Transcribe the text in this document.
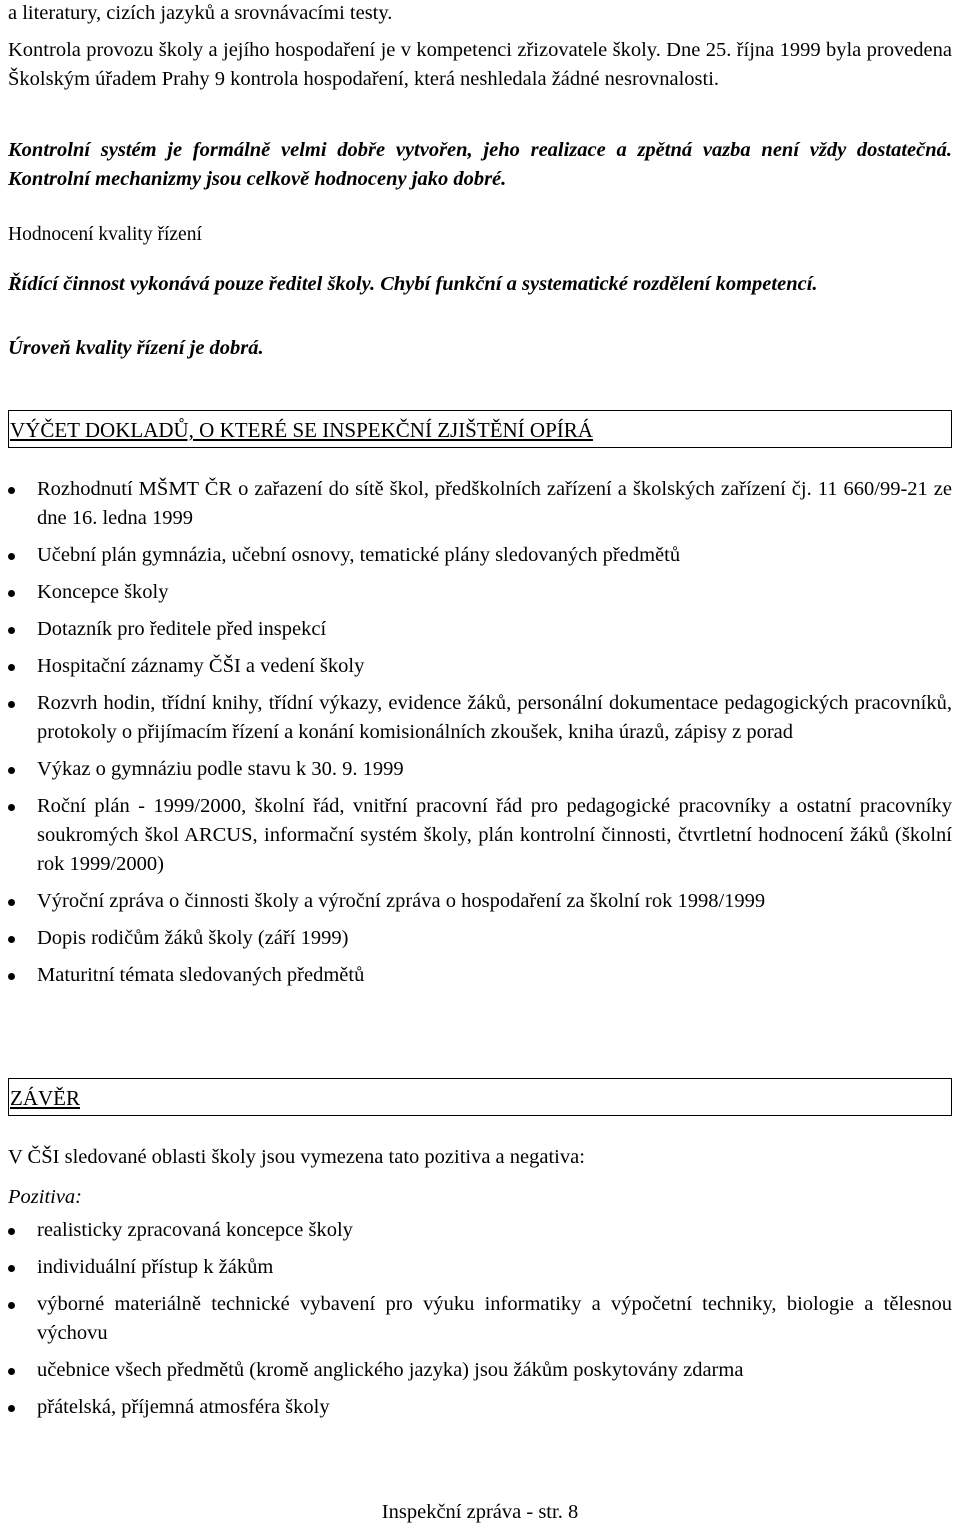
a literatury, cizích jazyků a srovnávacími testy.

Kontrola provozu školy a jejího hospodaření je v kompetenci zřizovatele školy. Dne 25. října 1999 byla provedena Školským úřadem Prahy 9 kontrola hospodaření, která neshledala žádné nesrovnalosti.

Kontrolní systém je formálně velmi dobře vytvořen, jeho realizace a zpětná vazba není vždy dostatečná. Kontrolní mechanizmy jsou celkově hodnoceny jako dobré.

Hodnocení kvality řízení

Řídící činnost vykonává pouze ředitel školy. Chybí funkční a systematické rozdělení kompetencí.

Úroveň kvality řízení je dobrá.

VÝČET DOKLADŮ, O KTERÉ SE INSPEKČNÍ ZJIŠTĚNÍ OPÍRÁ
Rozhodnutí MŠMT ČR o zařazení do sítě škol, předškolních zařízení a školských zařízení čj. 11 660/99-21 ze dne 16. ledna 1999
Učební plán gymnázia, učební osnovy, tematické plány sledovaných předmětů
Koncepce školy
Dotazník pro ředitele před inspekcí
Hospitační záznamy ČŠI a vedení školy
Rozvrh hodin, třídní knihy, třídní výkazy, evidence žáků, personální dokumentace pedagogických pracovníků, protokoly o přijímacím řízení a konání komisionálních zkoušek, kniha úrazů, zápisy z porad
Výkaz o gymnáziu podle stavu k 30. 9. 1999
Roční plán - 1999/2000, školní řád, vnitřní pracovní řád pro pedagogické pracovníky a ostatní pracovníky soukromých škol ARCUS, informační systém školy, plán kontrolní činnosti, čtvrtletní hodnocení žáků (školní rok 1999/2000)
Výroční zpráva o činnosti školy a výroční zpráva o hospodaření za školní rok 1998/1999
Dopis rodičům žáků školy (září 1999)
Maturitní témata sledovaných předmětů
ZÁVĚR

V ČŠI sledované oblasti školy jsou vymezena tato pozitiva a negativa:

Pozitiva:

realisticky zpracovaná koncepce školy
individuální přístup k žákům
výborné materiálně technické vybavení pro výuku informatiky a výpočetní techniky, biologie a tělesnou výchovu
učebnice všech předmětů (kromě anglického jazyka) jsou žákům poskytovány zdarma
přátelská, příjemná atmosféra školy
Inspekční zpráva - str. 8
